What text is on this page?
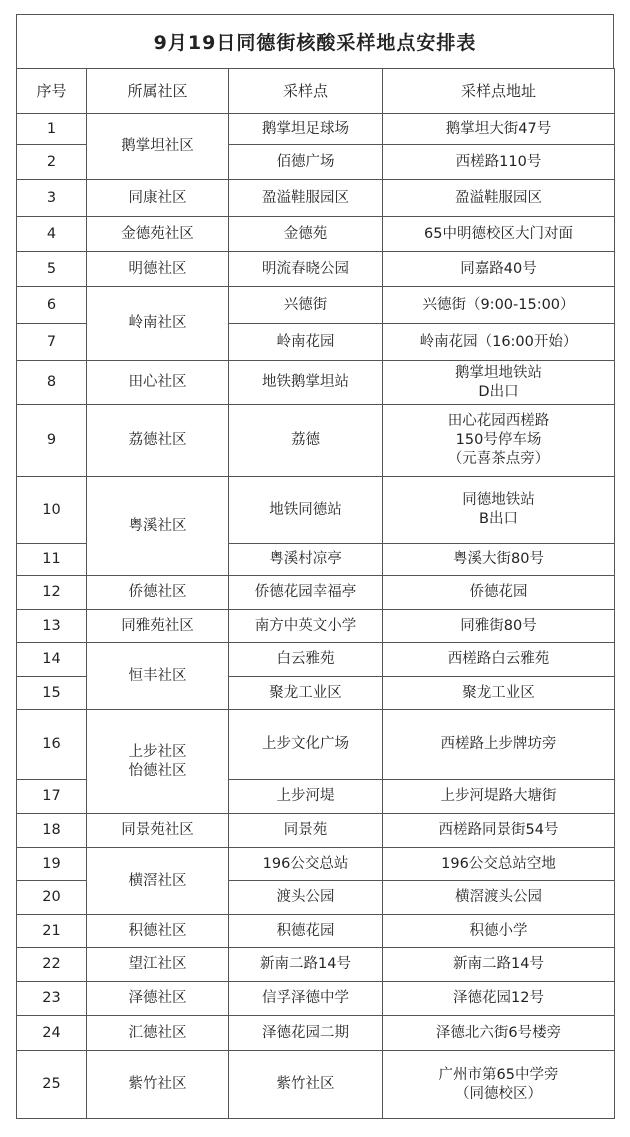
9月19日同德街核酸采样地点安排表
序号	所属社区	采样点	采样点地址
1	鹅掌坦社区	鹅掌坦足球场	鹅掌坦大街47号
2		佰德广场	西槎路110号
3	同康社区	盈溢鞋服园区	盈溢鞋服园区
4	金德苑社区	金德苑	65中明德校区大门对面
5	明德社区	明流春晓公园	同嘉路40号
6	岭南社区	兴德街	兴德街（9:00-15:00）
7		岭南花园	岭南花园（16:00开始）
8	田心社区	地铁鹅掌坦站	鹅掌坦地铁站
D出口
9	荔德社区	荔德	田心花园西槎路
150号停车场
（元喜茶点旁）
10	粤溪社区	地铁同德站	同德地铁站
B出口
11		粤溪村凉亭	粤溪大街80号
12	侨德社区	侨德花园幸福亭	侨德花园
13	同雅苑社区	南方中英文小学	同雅街80号
14	恒丰社区	白云雅苑	西槎路白云雅苑
15		聚龙工业区	聚龙工业区
16	上步社区
怡德社区	上步文化广场	西槎路上步牌坊旁
17		上步河堤	上步河堤路大塘街
18	同景苑社区	同景苑	西槎路同景街54号
19	横滘社区	196公交总站	196公交总站空地
20		渡头公园	横滘渡头公园
21	积德社区	积德花园	积德小学
22	望江社区	新南二路14号	新南二路14号
23	泽德社区	信孚泽德中学	泽德花园12号
24	汇德社区	泽德花园二期	泽德北六街6号楼旁
25	紫竹社区	紫竹社区	广州市第65中学旁
（同德校区）
